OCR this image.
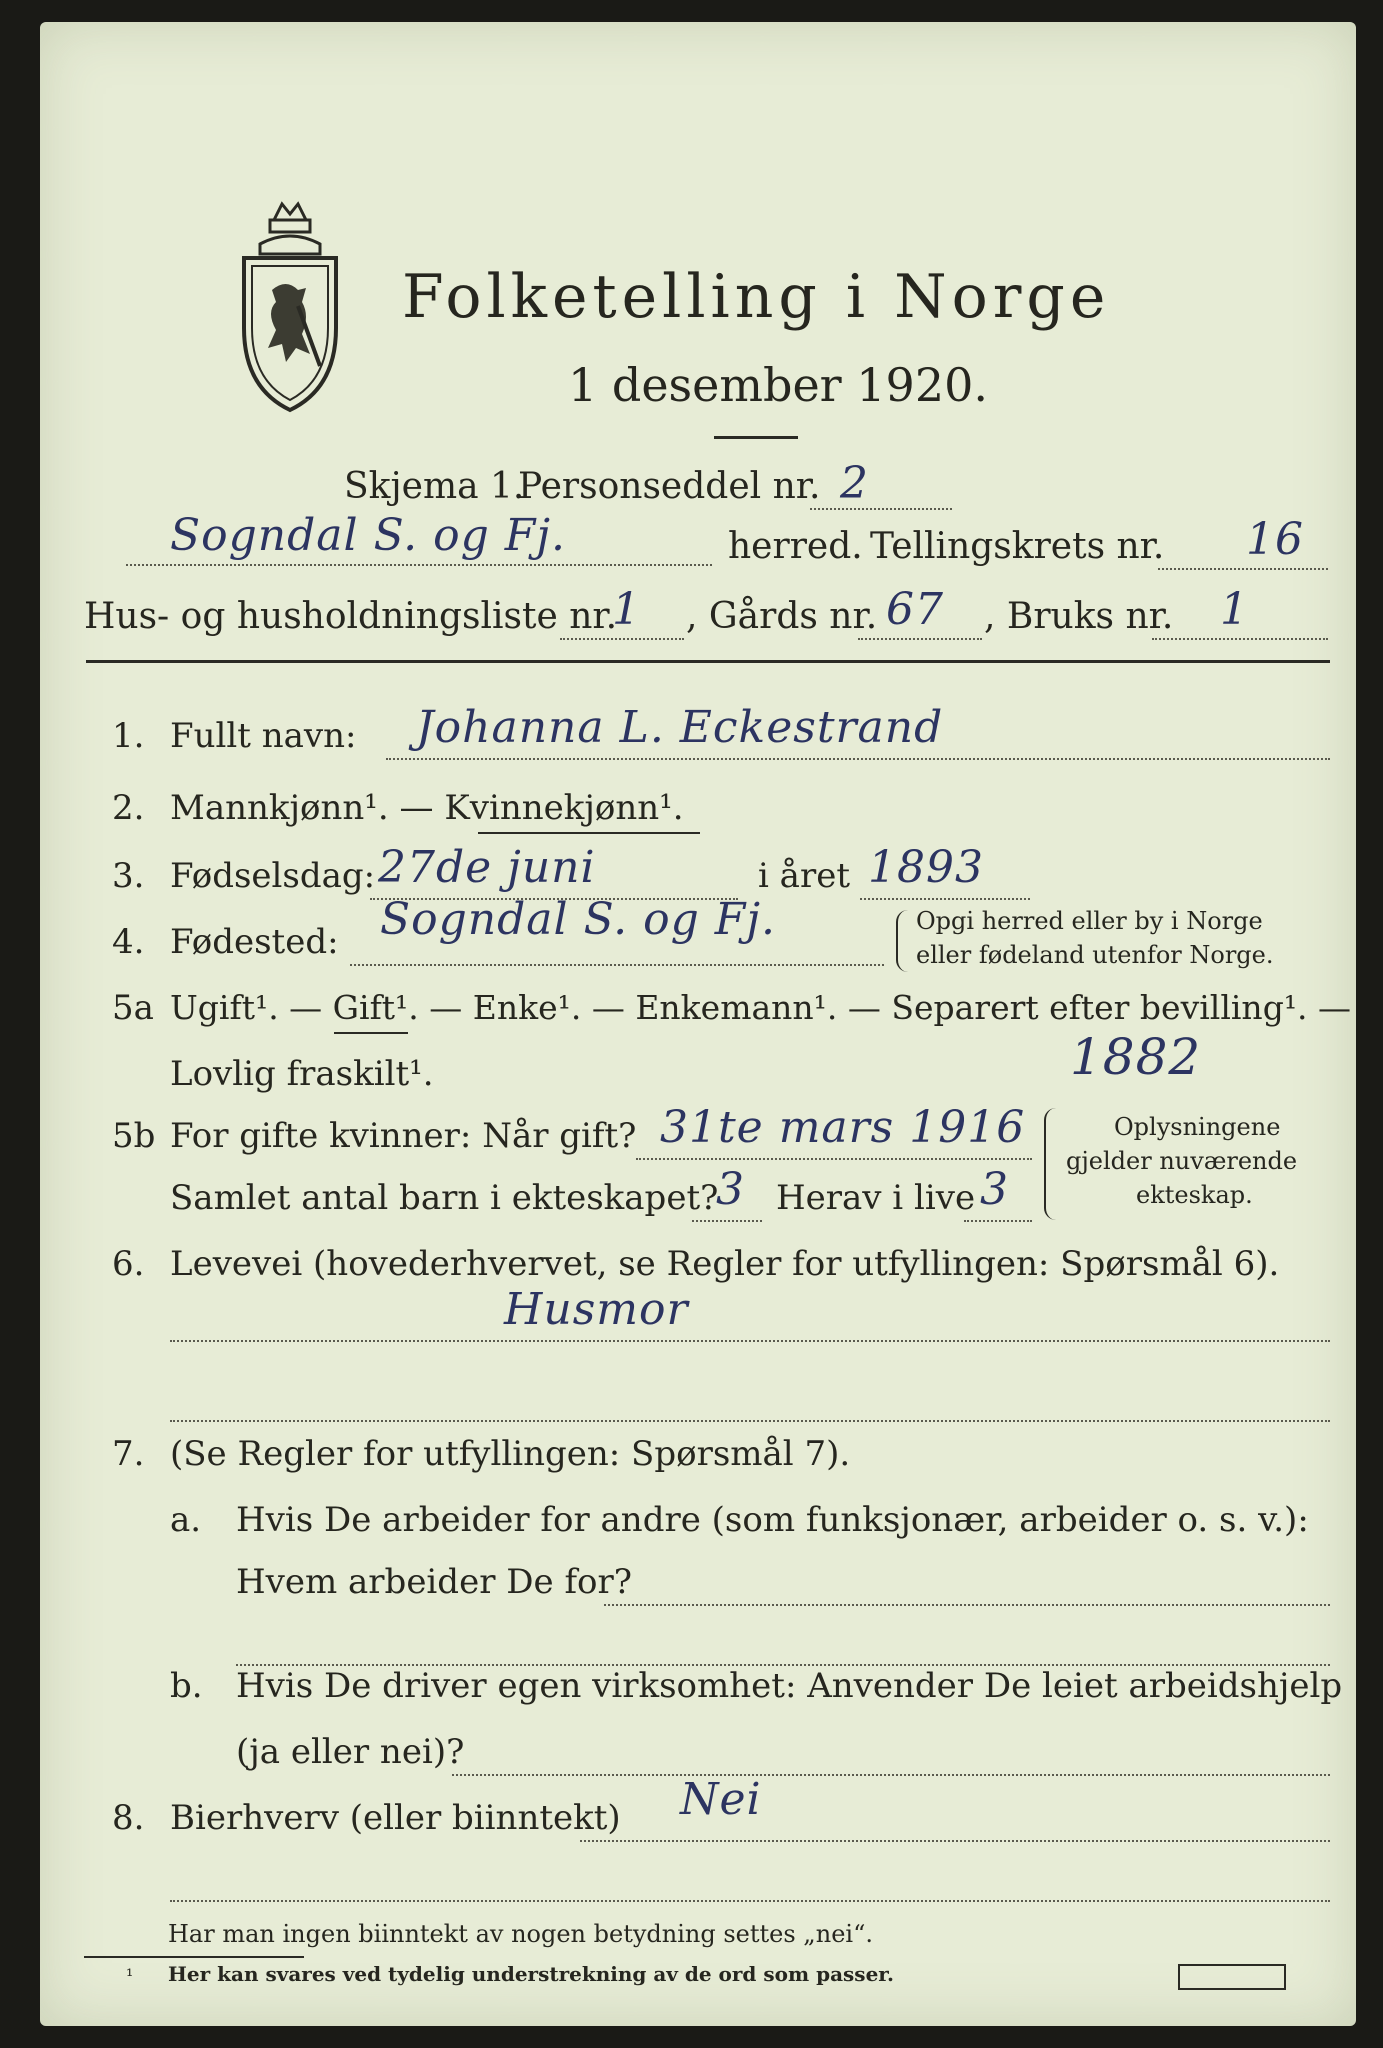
Folketelling i Norge
1 desember 1920.
Skjema 1.
Personseddel nr. 2
Sogndal S. og Fj.	herred. Tellingskrets nr. 16
Hus- og husholdningsliste nr.
1 , Gårds nr. 67 , Bruks nr. 1
1. Fullt navn: Johanna L. Eckestrand
2. Mannkjønn¹. — Kvinnekjønn¹.
3. Fødselsdag: 27de juni	i året 1893
4. Fødested: Sogndal S. og Fj.	Opgi herred eller by i Norge
eller fødeland utenfor Norge.
5a Ugift¹. — Gift¹. — Enke¹. — Enkemann¹. — Separert efter bevilling¹. —
Lovlig fraskilt¹.	1882
5b For gifte kvinner: Når gift? 31te mars 1916
Samlet antal barn i ekteskapet?
3 Herav i live 3
Oplysningene
gjelder nuværende
ekteskap.
6. Levevei (hovederhvervet, se Regler for utfyllingen: Spørsmål 6).
Husmor
7. (Se Regler for utfyllingen: Spørsmål 7).
a. Hvis De arbeider for andre (som funksjonær, arbeider o. s. v.):
Hvem arbeider De for?
b. Hvis De driver egen virksomhet: Anvender De leiet arbeidshjelp
(ja eller nei)?
8. Bierhverv (eller biinntekt) Nei
Har man ingen biinntekt av nogen betydning settes „nei“.
¹ Her kan svares ved tydelig understrekning av de ord som passer.
